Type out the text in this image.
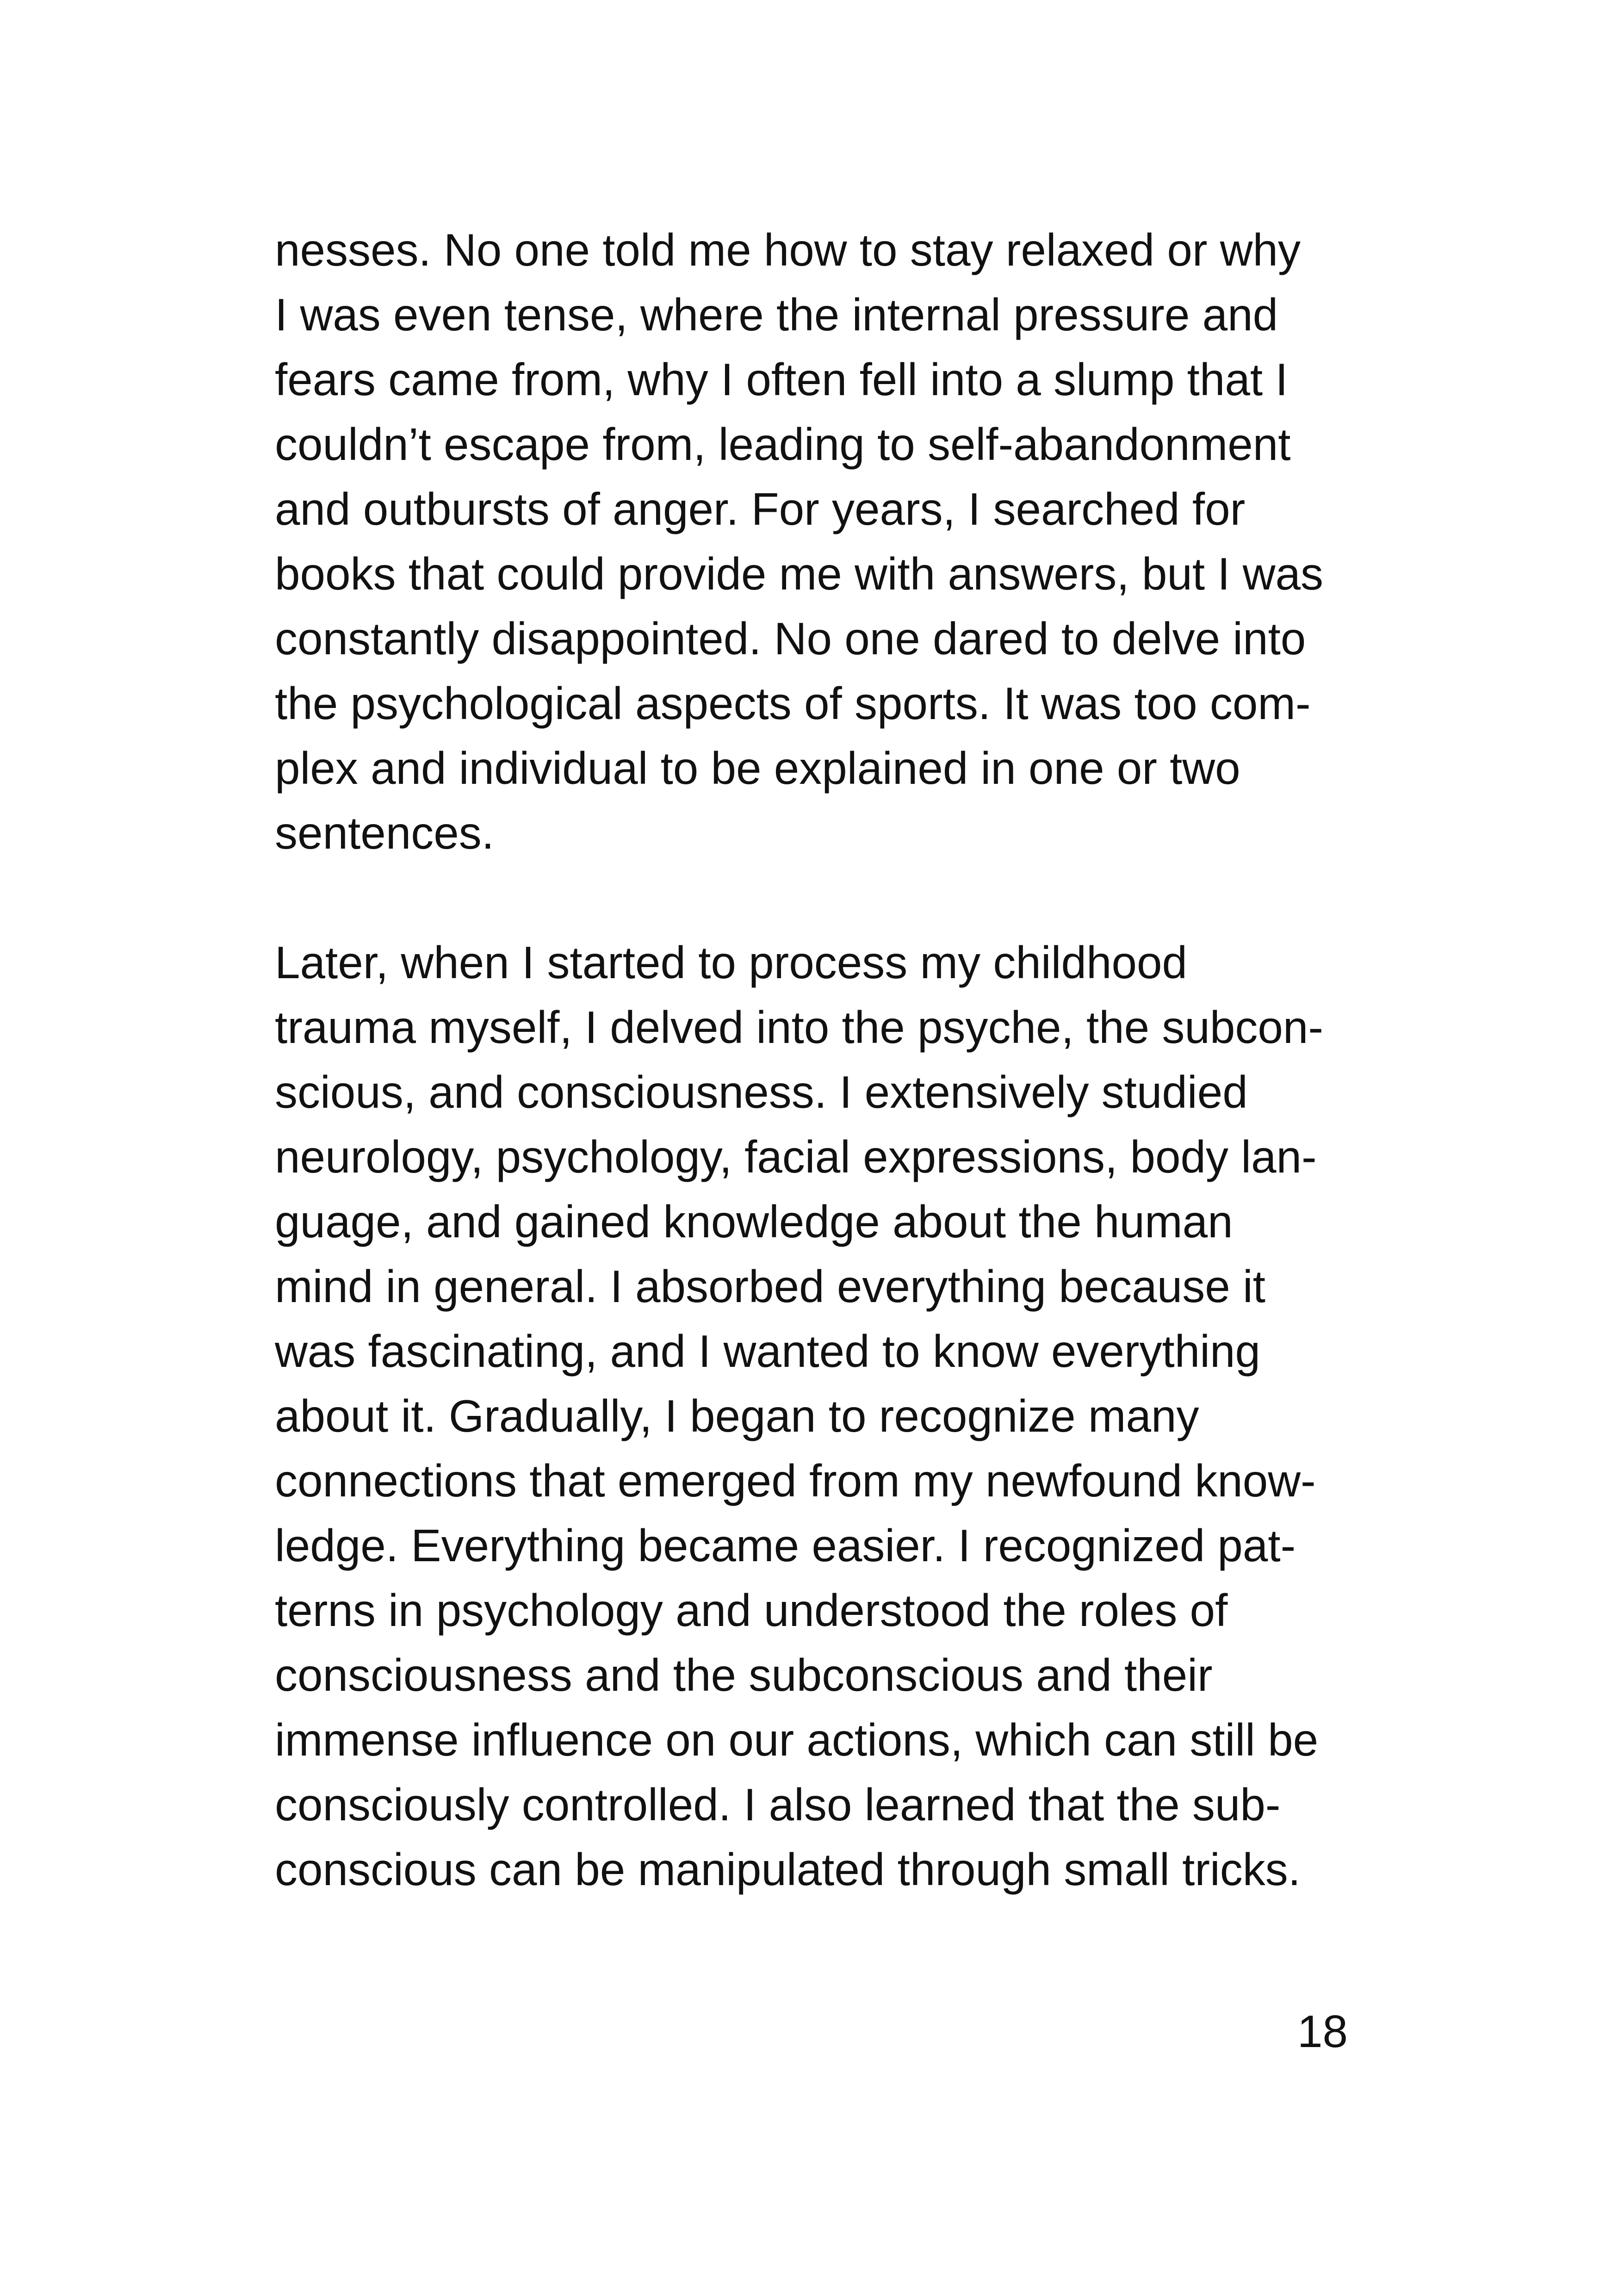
nesses. No one told me how to stay relaxed or why
I was even tense, where the internal pressure and
fears came from, why I often fell into a slump that I
couldn’t escape from, leading to self-abandonment
and outbursts of anger. For years, I searched for
books that could provide me with answers, but I was
constantly disappointed. No one dared to delve into
the psychological aspects of sports. It was too com-
plex and individual to be explained in one or two
sentences.
Later, when I started to process my childhood
trauma myself, I delved into the psyche, the subcon-
scious, and consciousness. I extensively studied
neurology, psychology, facial expressions, body lan-
guage, and gained knowledge about the human
mind in general. I absorbed everything because it
was fascinating, and I wanted to know everything
about it. Gradually, I began to recognize many
connections that emerged from my newfound know-
ledge. Everything became easier. I recognized pat-
terns in psychology and understood the roles of
consciousness and the subconscious and their
immense influence on our actions, which can still be
consciously controlled. I also learned that the sub-
conscious can be manipulated through small tricks.
18
